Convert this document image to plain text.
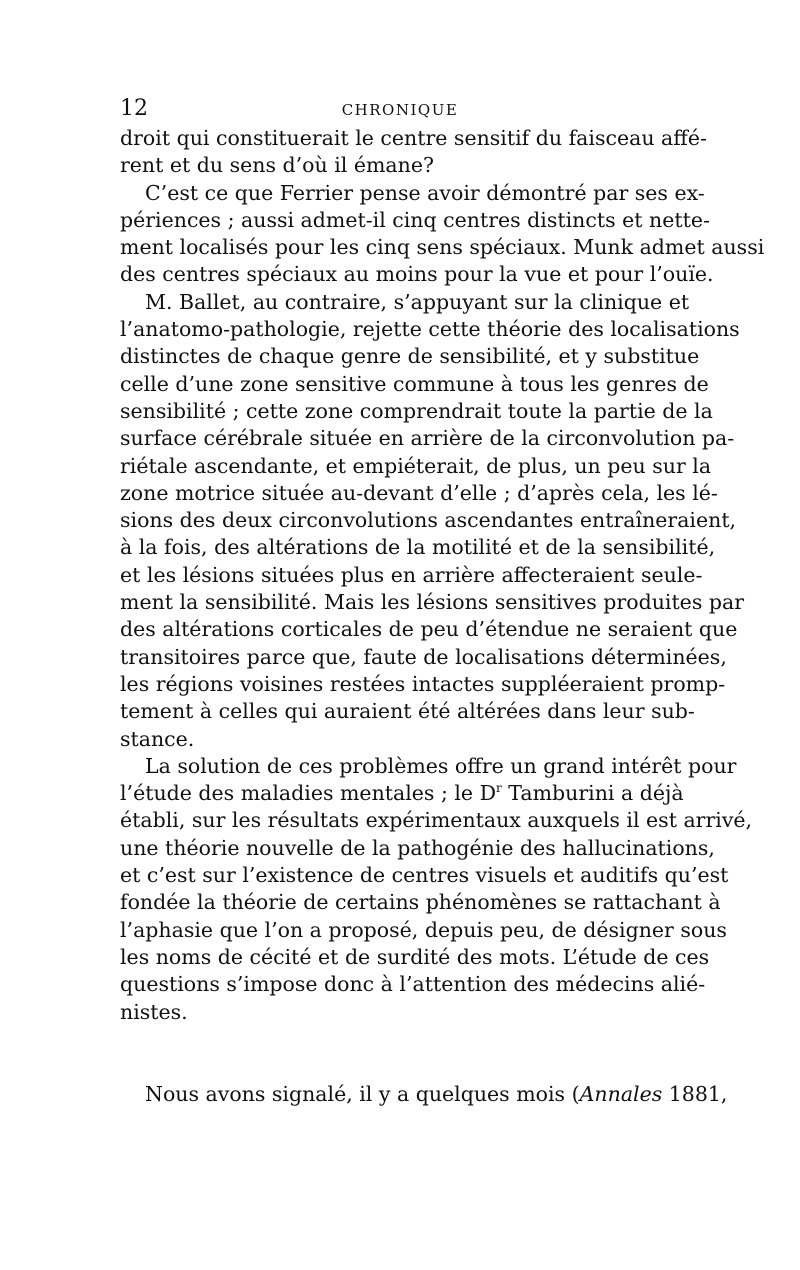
12	CHRONIQUE
droit qui constituerait le centre sensitif du faisceau affé-
rent et du sens d’où il émane?
C’est ce que Ferrier pense avoir démontré par ses ex-
périences ; aussi admet-il cinq centres distincts et nette-
ment localisés pour les cinq sens spéciaux. Munk admet aussi
des centres spéciaux au moins pour la vue et pour l’ouïe.
M. Ballet, au contraire, s’appuyant sur la clinique et
l’anatomo-pathologie, rejette cette théorie des localisations
distinctes de chaque genre de sensibilité, et y substitue
celle d’une zone sensitive commune à tous les genres de
sensibilité ; cette zone comprendrait toute la partie de la
surface cérébrale située en arrière de la circonvolution pa-
riétale ascendante, et empiéterait, de plus, un peu sur la
zone motrice située au-devant d’elle ; d’après cela, les lé-
sions des deux circonvolutions ascendantes entraîneraient,
à la fois, des altérations de la motilité et de la sensibilité,
et les lésions situées plus en arrière affecteraient seule-
ment la sensibilité. Mais les lésions sensitives produites par
des altérations corticales de peu d’étendue ne seraient que
transitoires parce que, faute de localisations déterminées,
les régions voisines restées intactes suppléeraient promp-
tement à celles qui auraient été altérées dans leur sub-
stance.
La solution de ces problèmes offre un grand intérêt pour
l’étude des maladies mentales ; le $D^r$ Tamburini a déjà
établi, sur les résultats expérimentaux auxquels il est arrivé,
une théorie nouvelle de la pathogénie des hallucinations,
et c’est sur l’existence de centres visuels et auditifs qu’est
fondée la théorie de certains phénomènes se rattachant à
l’aphasie que l’on a proposé, depuis peu, de désigner sous
les noms de cécité et de surdité des mots. L’étude de ces
questions s’impose donc à l’attention des médecins alié-
nistes.
Nous avons signalé, il y a quelques mois (Annales 1881,
